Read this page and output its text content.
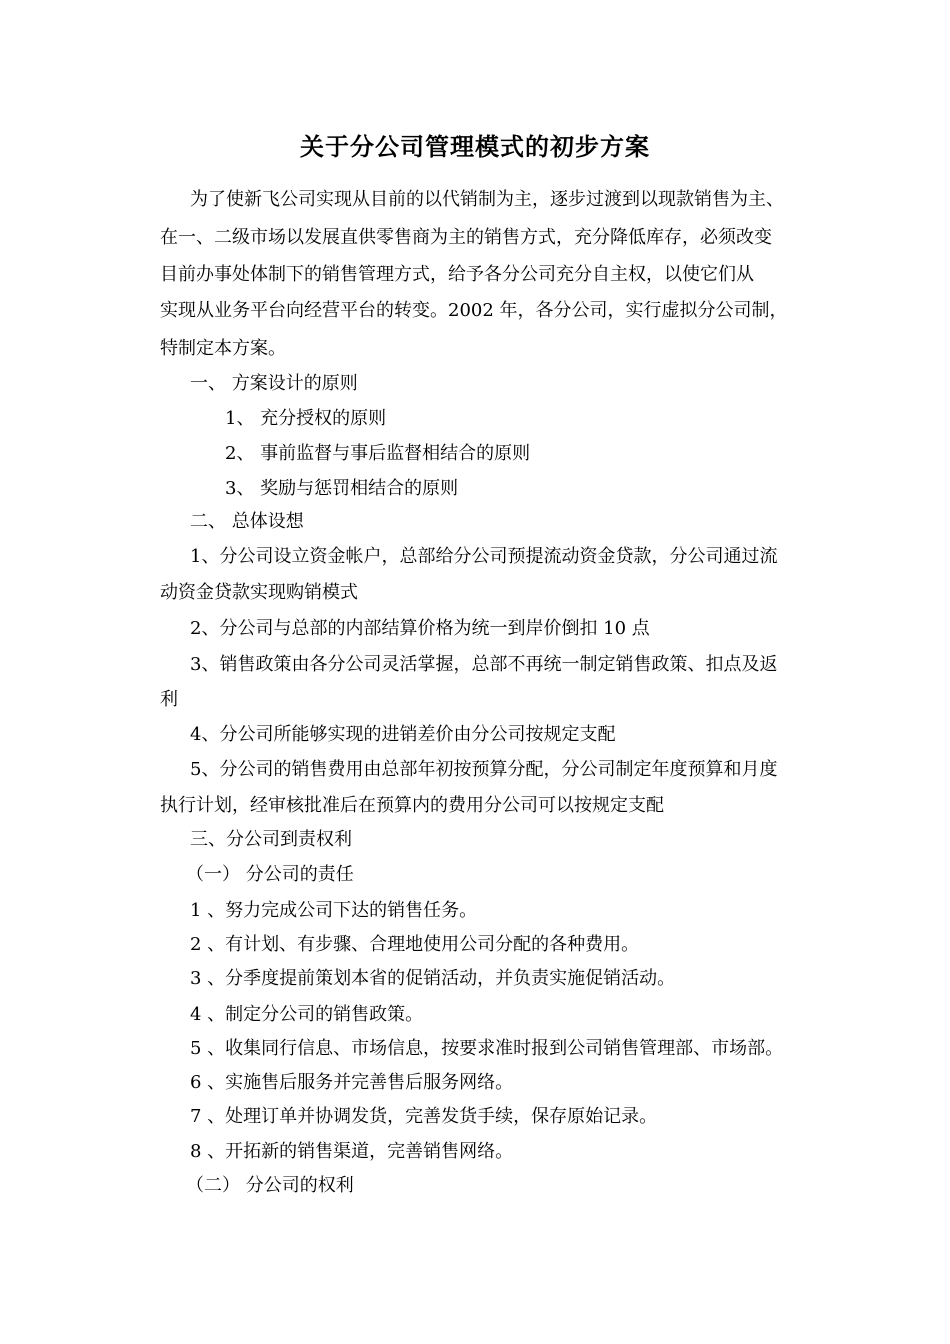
关于分公司管理模式的初步方案
为了使新飞公司实现从目前的以代销制为主，逐步过渡到以现款销售为主、
在一、二级市场以发展直供零售商为主的销售方式，充分降低库存，必须改变
目前办事处体制下的销售管理方式，给予各分公司充分自主权，以使它们从
实现从业务平台向经营平台的转变。2002 年，各分公司，实行虚拟分公司制，
特制定本方案。
一、 方案设计的原则
1、 充分授权的原则
2、 事前监督与事后监督相结合的原则
3、 奖励与惩罚相结合的原则
二、 总体设想
1、分公司设立资金帐户，总部给分公司预提流动资金贷款，分公司通过流
动资金贷款实现购销模式
2、分公司与总部的内部结算价格为统一到岸价倒扣 10 点
3、销售政策由各分公司灵活掌握，总部不再统一制定销售政策、扣点及返
利
4、分公司所能够实现的进销差价由分公司按规定支配
5、分公司的销售费用由总部年初按预算分配，分公司制定年度预算和月度
执行计划，经审核批准后在预算内的费用分公司可以按规定支配
三、分公司到责权利
（一） 分公司的责任
1 、努力完成公司下达的销售任务。
2 、有计划、有步骤、合理地使用公司分配的各种费用。
3 、分季度提前策划本省的促销活动，并负责实施促销活动。
4 、制定分公司的销售政策。
5 、收集同行信息、市场信息，按要求准时报到公司销售管理部、市场部。
6 、实施售后服务并完善售后服务网络。
7 、处理订单并协调发货，完善发货手续，保存原始记录。
8 、开拓新的销售渠道，完善销售网络。
（二） 分公司的权利
